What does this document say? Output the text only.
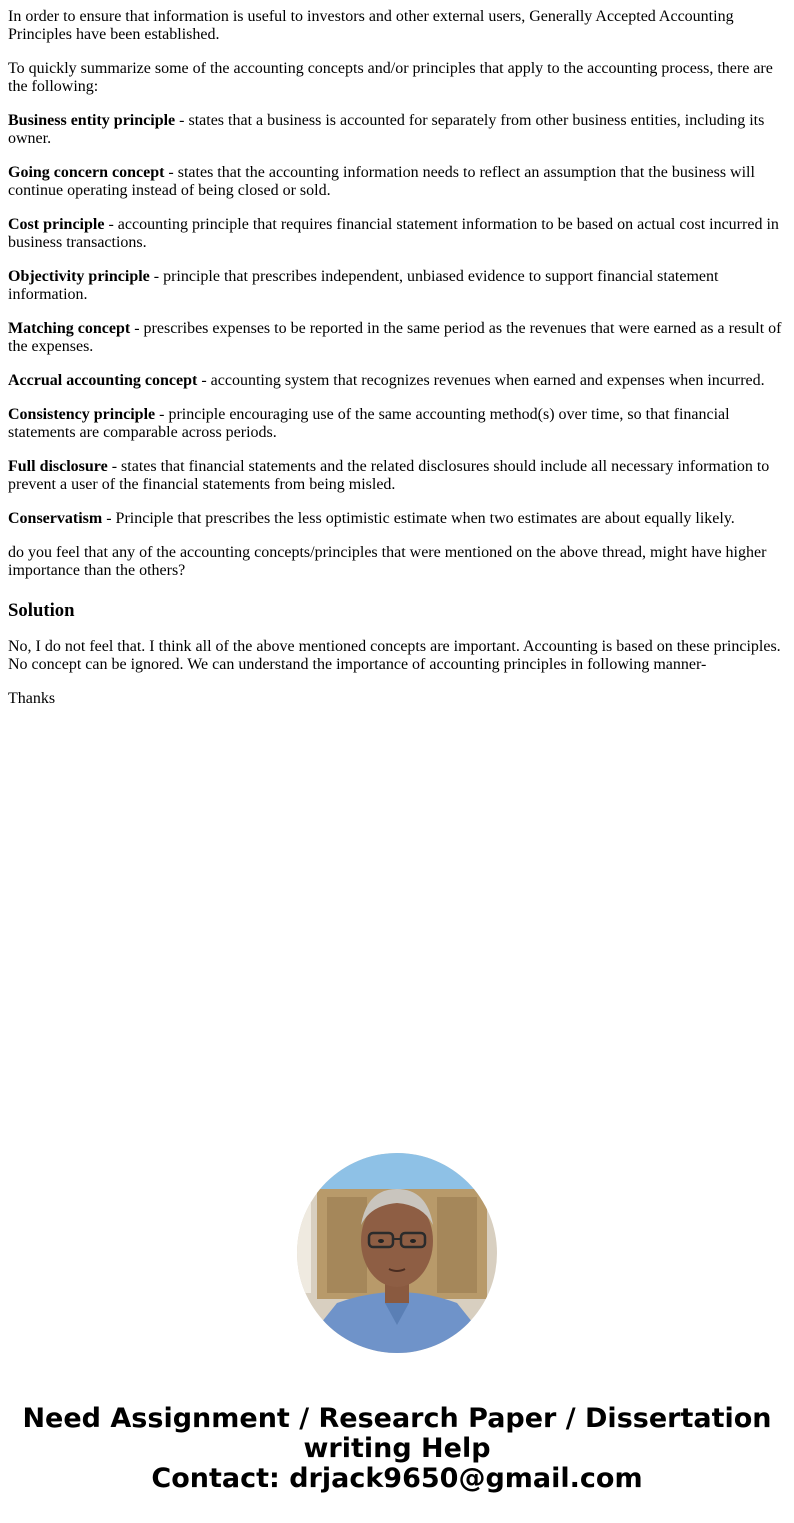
In order to ensure that information is useful to investors and other external users, Generally Accepted Accounting Principles have been established.

To quickly summarize some of the accounting concepts and/or principles that apply to the accounting process, there are the following:

Business entity principle - states that a business is accounted for separately from other business entities, including its owner.

Going concern concept - states that the accounting information needs to reflect an assumption that the business will continue operating instead of being closed or sold.

Cost principle - accounting principle that requires financial statement information to be based on actual cost incurred in business transactions.

Objectivity principle - principle that prescribes independent, unbiased evidence to support financial statement information.

Matching concept - prescribes expenses to be reported in the same period as the revenues that were earned as a result of the expenses.

Accrual accounting concept - accounting system that recognizes revenues when earned and expenses when incurred.

Consistency principle - principle encouraging use of the same accounting method(s) over time, so that financial statements are comparable across periods.

Full disclosure - states that financial statements and the related disclosures should include all necessary information to prevent a user of the financial statements from being misled.

Conservatism - Principle that prescribes the less optimistic estimate when two estimates are about equally likely.

do you feel that any of the accounting concepts/principles that were mentioned on the above thread, might have higher importance than the others?

Solution

No, I do not feel that. I think all of the above mentioned concepts are important. Accounting is based on these principles. No concept can be ignored. We can understand the importance of accounting principles in following manner-

Thanks

Need Assignment / Research Paper / Dissertation writing Help
Contact: drjack9650@gmail.com
